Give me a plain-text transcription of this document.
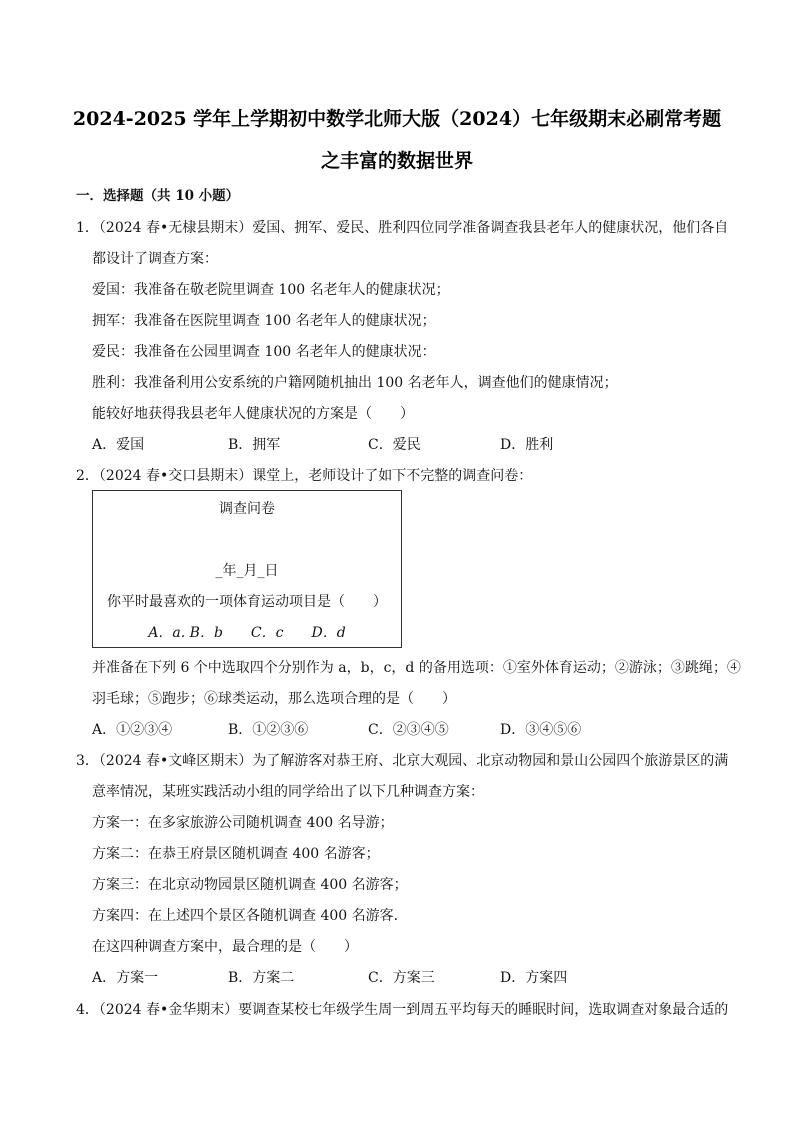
2024-2025 学年上学期初中数学北师大版（2024）七年级期末必刷常考题
之丰富的数据世界
一．选择题（共 10 小题）
1．（2024 春•无棣县期末）爱国、拥军、爱民、胜利四位同学准备调查我县老年人的健康状况，他们各自
都设计了调查方案：
爱国：我准备在敬老院里调查 100 名老年人的健康状况；
拥军：我准备在医院里调查 100 名老年人的健康状况；
爱民：我准备在公园里调查 100 名老年人的健康状况：
胜利：我准备利用公安系统的户籍网随机抽出 100 名老年人，调查他们的健康情况；
能较好地获得我县老年人健康状况的方案是（　　）
A．爱国	B．拥军	C．爱民	D．胜利
2．（2024 春•交口县期末）课堂上，老师设计了如下不完整的调查问卷：
调查问卷
_年_月_日
你平时最喜欢的一项体育运动项目是（　　）
A．a. B．b　　C．c　　D．d
并准备在下列 6 个中选取四个分别作为 a，b，c，d 的备用选项：①室外体育运动；②游泳；③跳绳；④
羽毛球；⑤跑步；⑥球类运动，那么选项合理的是（　　）
A．①②③④	B．①②③⑥	C．②③④⑤	D．③④⑤⑥
3．（2024 春•文峰区期末）为了解游客对恭王府、北京大观园、北京动物园和景山公园四个旅游景区的满
意率情况，某班实践活动小组的同学给出了以下几种调查方案：
方案一：在多家旅游公司随机调查 400 名导游；
方案二：在恭王府景区随机调查 400 名游客；
方案三：在北京动物园景区随机调查 400 名游客；
方案四：在上述四个景区各随机调查 400 名游客．
在这四种调查方案中，最合理的是（　　）
A．方案一	B．方案二	C．方案三	D．方案四
4．（2024 春•金华期末）要调查某校七年级学生周一到周五平均每天的睡眠时间，选取调查对象最合适的
